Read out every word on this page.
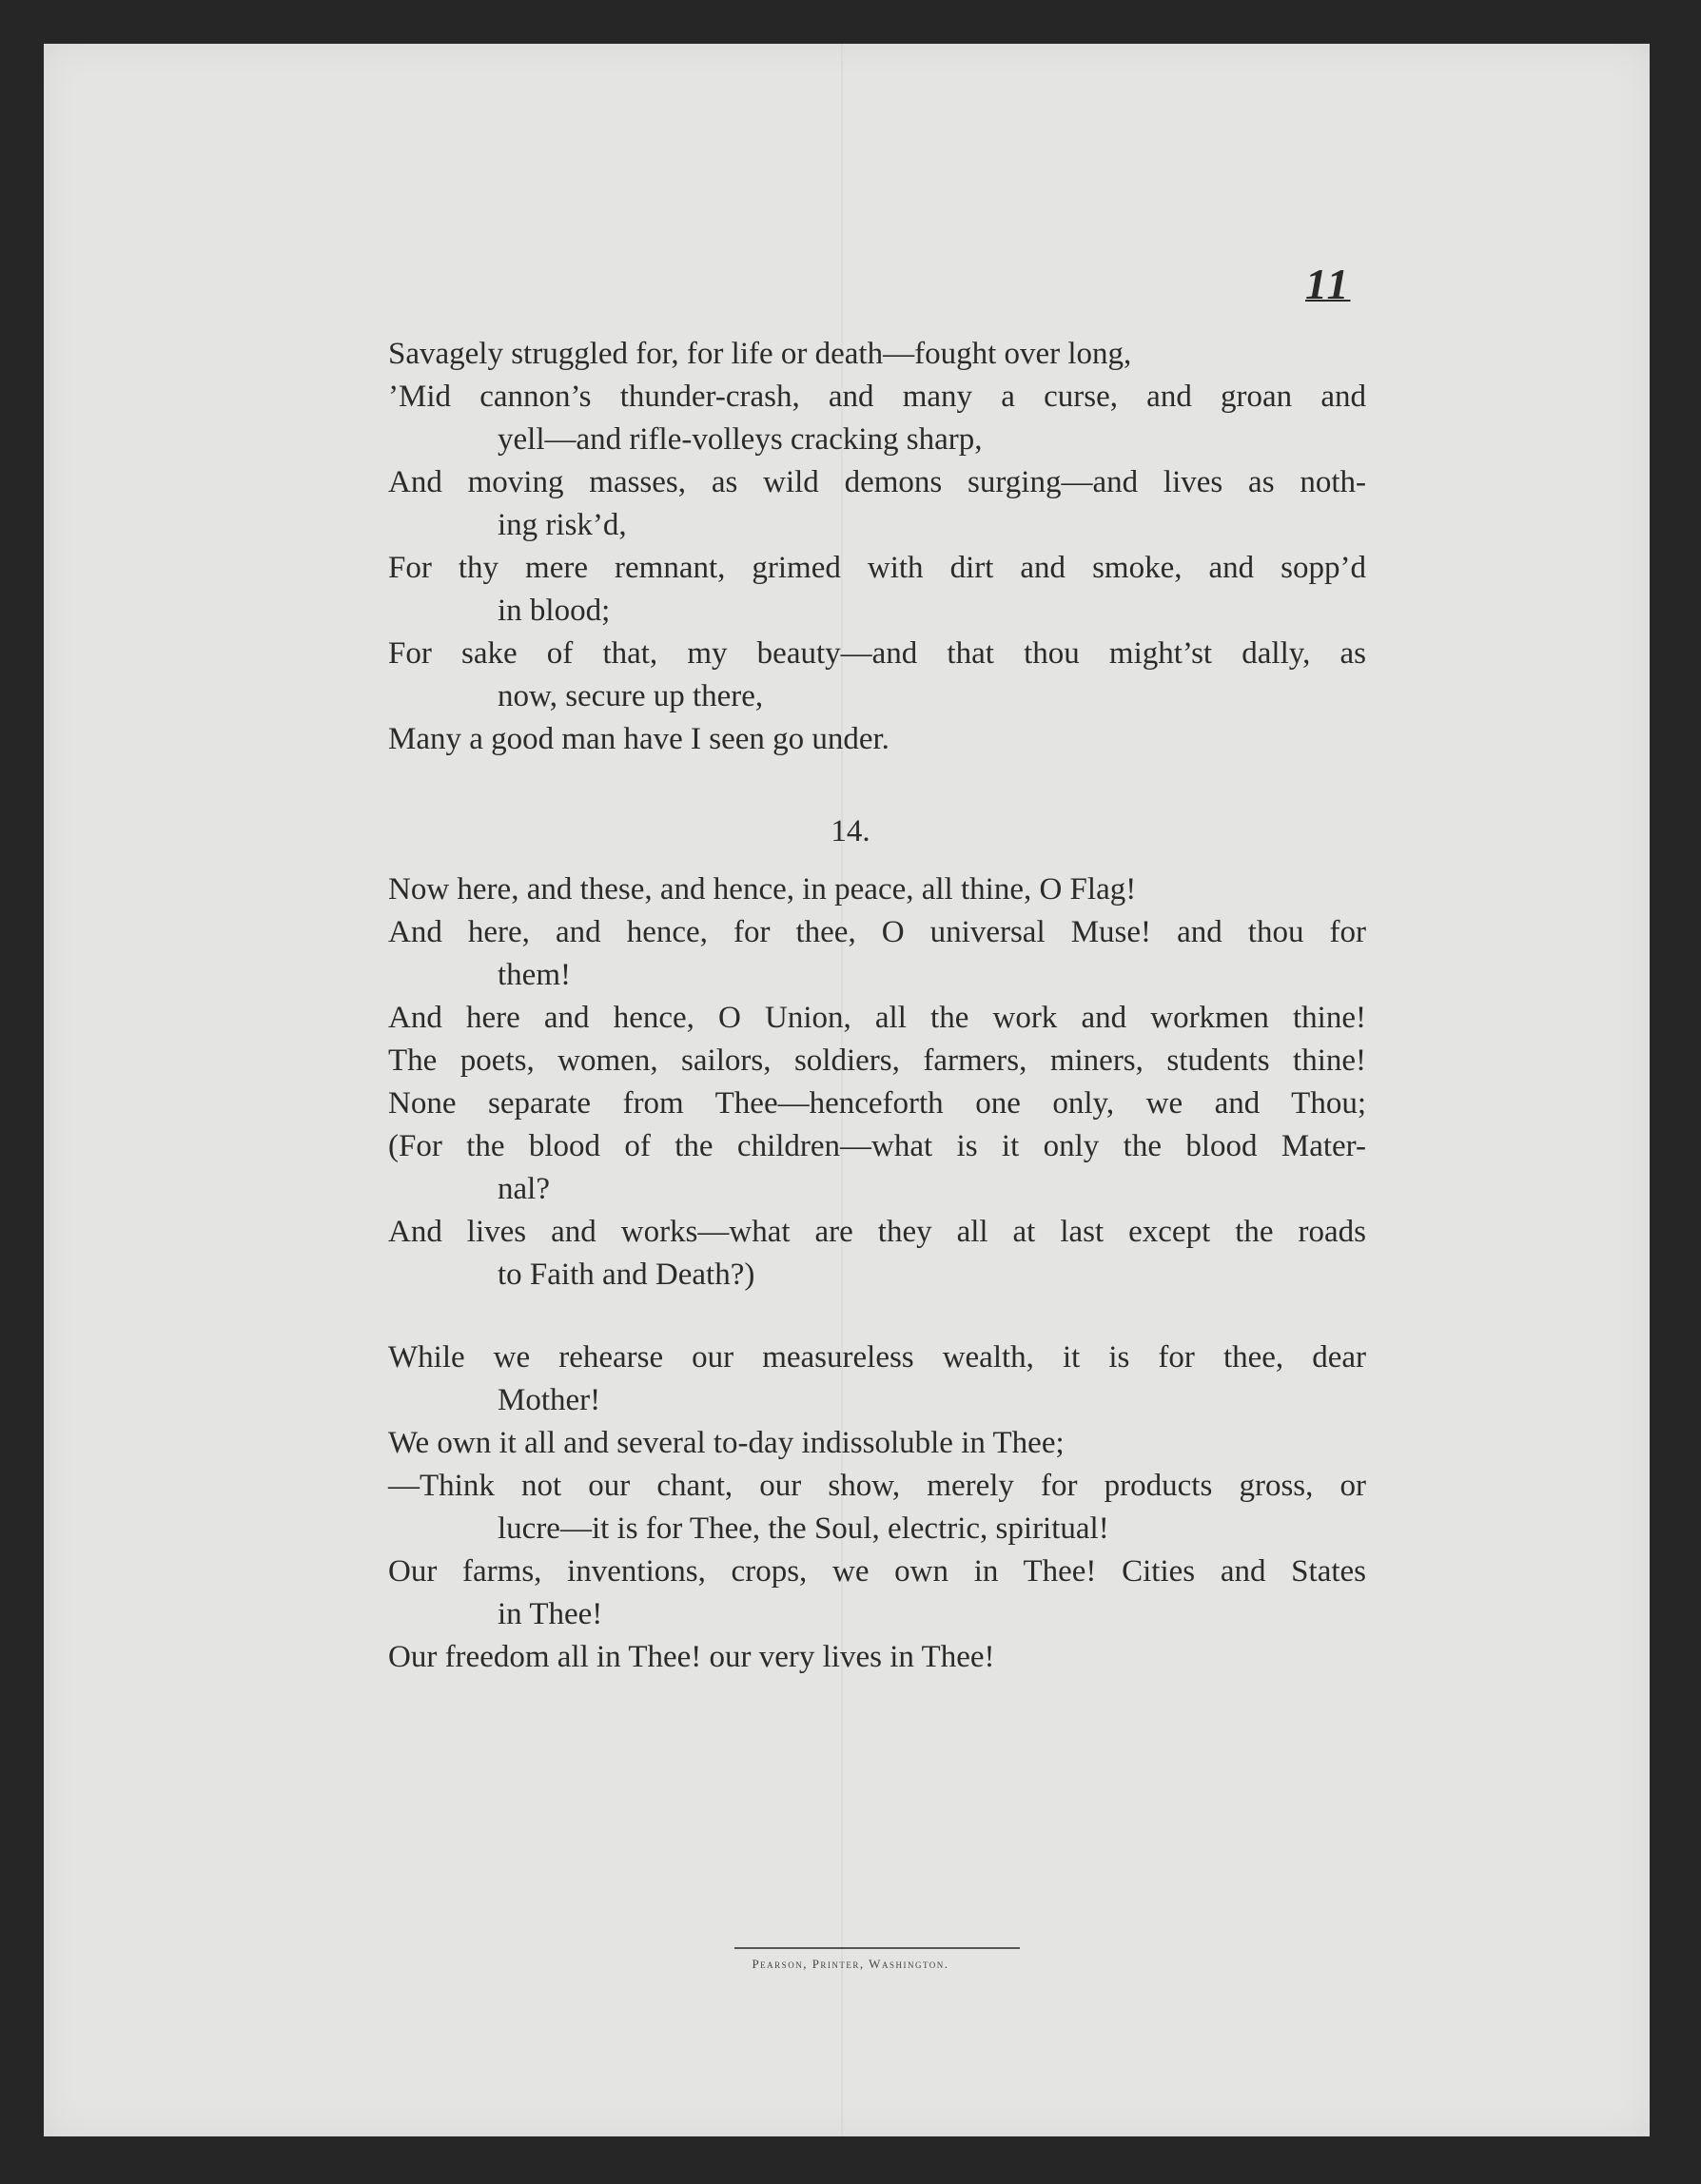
11
Savagely struggled for, for life or death—fought over long,
’Mid cannon’s thunder-crash, and many a curse, and groan and
yell—and rifle-volleys cracking sharp,
And moving masses, as wild demons surging—and lives as noth-
ing risk’d,
For thy mere remnant, grimed with dirt and smoke, and sopp’d
in blood;
For sake of that, my beauty—and that thou might’st dally, as
now, secure up there,
Many a good man have I seen go under.
14.
Now here, and these, and hence, in peace, all thine, O Flag!
And here, and hence, for thee, O universal Muse! and thou for
them!
And here and hence, O Union, all the work and workmen thine!
The poets, women, sailors, soldiers, farmers, miners, students thine!
None separate from Thee—henceforth one only, we and Thou;
(For the blood of the children—what is it only the blood Mater-
nal?
And lives and works—what are they all at last except the roads
to Faith and Death?)
While we rehearse our measureless wealth, it is for thee, dear
Mother!
We own it all and several to-day indissoluble in Thee;
—Think not our chant, our show, merely for products gross, or
lucre—it is for Thee, the Soul, electric, spiritual!
Our farms, inventions, crops, we own in Thee! Cities and States
in Thee!
Our freedom all in Thee! our very lives in Thee!
Pearson, Printer, Washington.
